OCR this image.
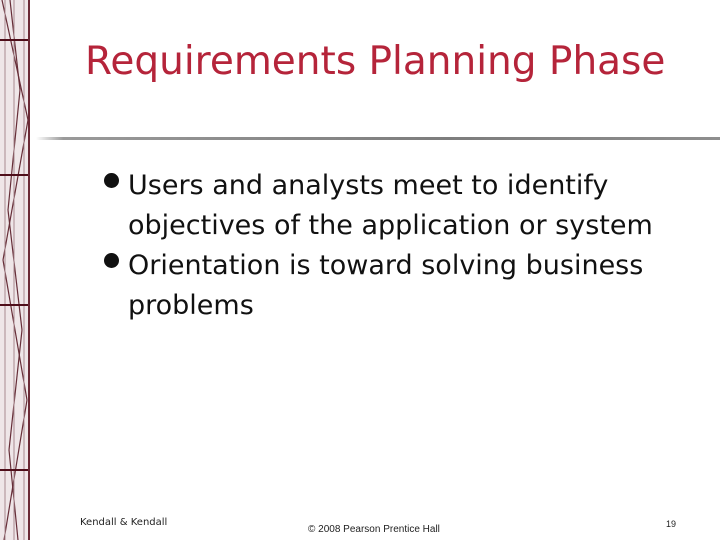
Requirements Planning Phase
Users and analysts meet to identify objectives of the application or system
Orientation is toward solving business problems
Kendall & Kendall
© 2008 Pearson Prentice Hall	19
